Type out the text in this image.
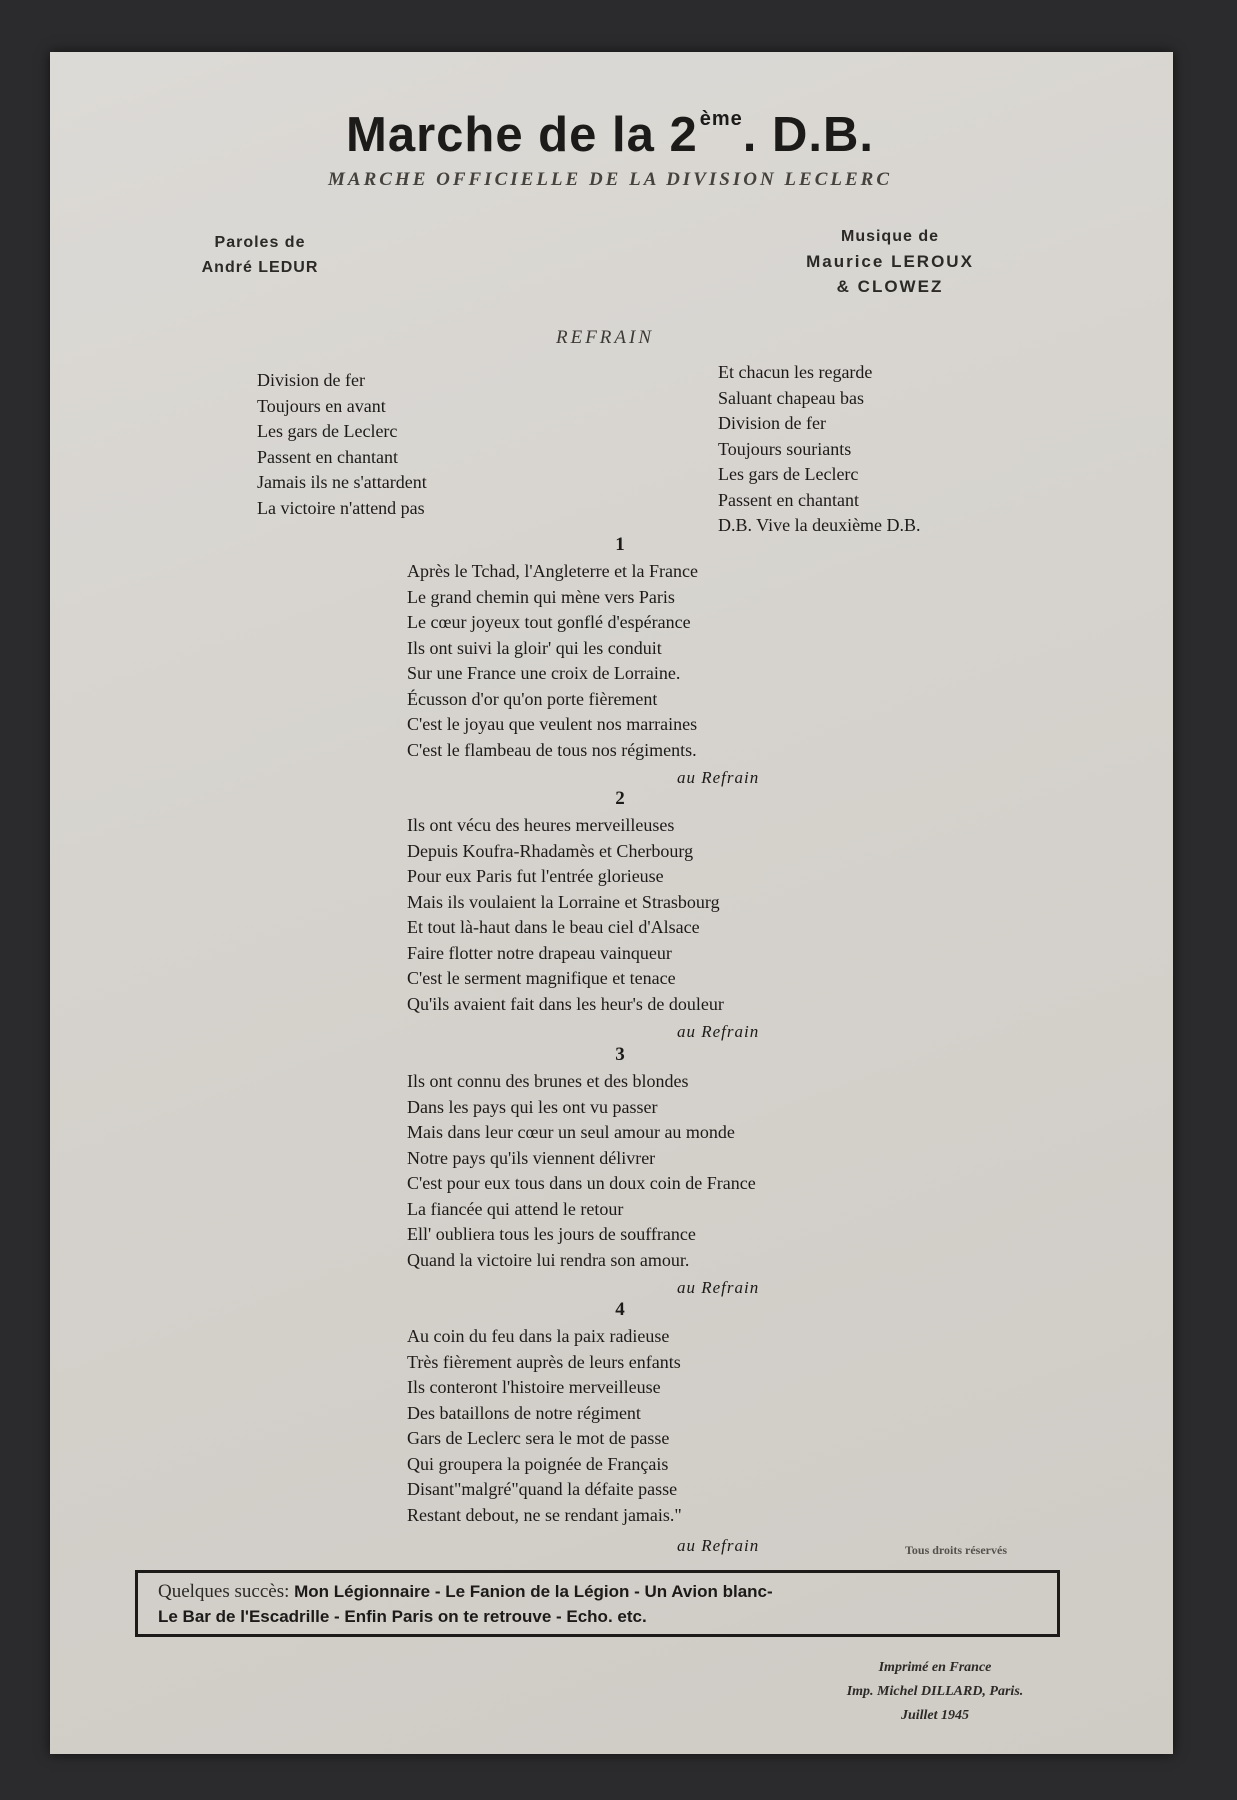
Marche de la 2 $^{ème}$. D.B.
MARCHE OFFICIELLE DE LA DIVISION LECLERC
Paroles de
André LEDUR
Musique de
Maurice LEROUX
& CLOWEZ
REFRAIN
Division de fer
Toujours en avant
Les gars de Leclerc
Passent en chantant
Jamais ils ne s'attardent
La victoire n'attend pas
Et chacun les regarde
Saluant chapeau bas
Division de fer
Toujours souriants
Les gars de Leclerc
Passent en chantant
D.B. Vive la deuxième D.B.
1
Après le Tchad, l'Angleterre et la France
Le grand chemin qui mène vers Paris
Le cœur joyeux tout gonflé d'espérance
Ils ont suivi la gloir' qui les conduit
Sur une France une croix de Lorraine.
Écusson d'or qu'on porte fièrement
C'est le joyau que veulent nos marraines
C'est le flambeau de tous nos régiments.
au Refrain
2
Ils ont vécu des heures merveilleuses
Depuis Koufra-Rhadamès et Cherbourg
Pour eux Paris fut l'entrée glorieuse
Mais ils voulaient la Lorraine et Strasbourg
Et tout là-haut dans le beau ciel d'Alsace
Faire flotter notre drapeau vainqueur
C'est le serment magnifique et tenace
Qu'ils avaient fait dans les heur's de douleur
au Refrain
3
Ils ont connu des brunes et des blondes
Dans les pays qui les ont vu passer
Mais dans leur cœur un seul amour au monde
Notre pays qu'ils viennent délivrer
C'est pour eux tous dans un doux coin de France
La fiancée qui attend le retour
Ell' oubliera tous les jours de souffrance
Quand la victoire lui rendra son amour.
au Refrain
4
Au coin du feu dans la paix radieuse
Très fièrement auprès de leurs enfants
Ils conteront l'histoire merveilleuse
Des bataillons de notre régiment
Gars de Leclerc sera le mot de passe
Qui groupera la poignée de Français
Disant"malgré"quand la défaite passe
Restant debout, ne se rendant jamais."
au Refrain	Tous droits réservés
Quelques succès: Mon Légionnaire - Le Fanion de la Légion - Un Avion blanc-
Le Bar de l'Escadrille - Enfin Paris on te retrouve - Echo. etc.
Imprimé en France
Imp. Michel DILLARD, Paris.
Juillet 1945
